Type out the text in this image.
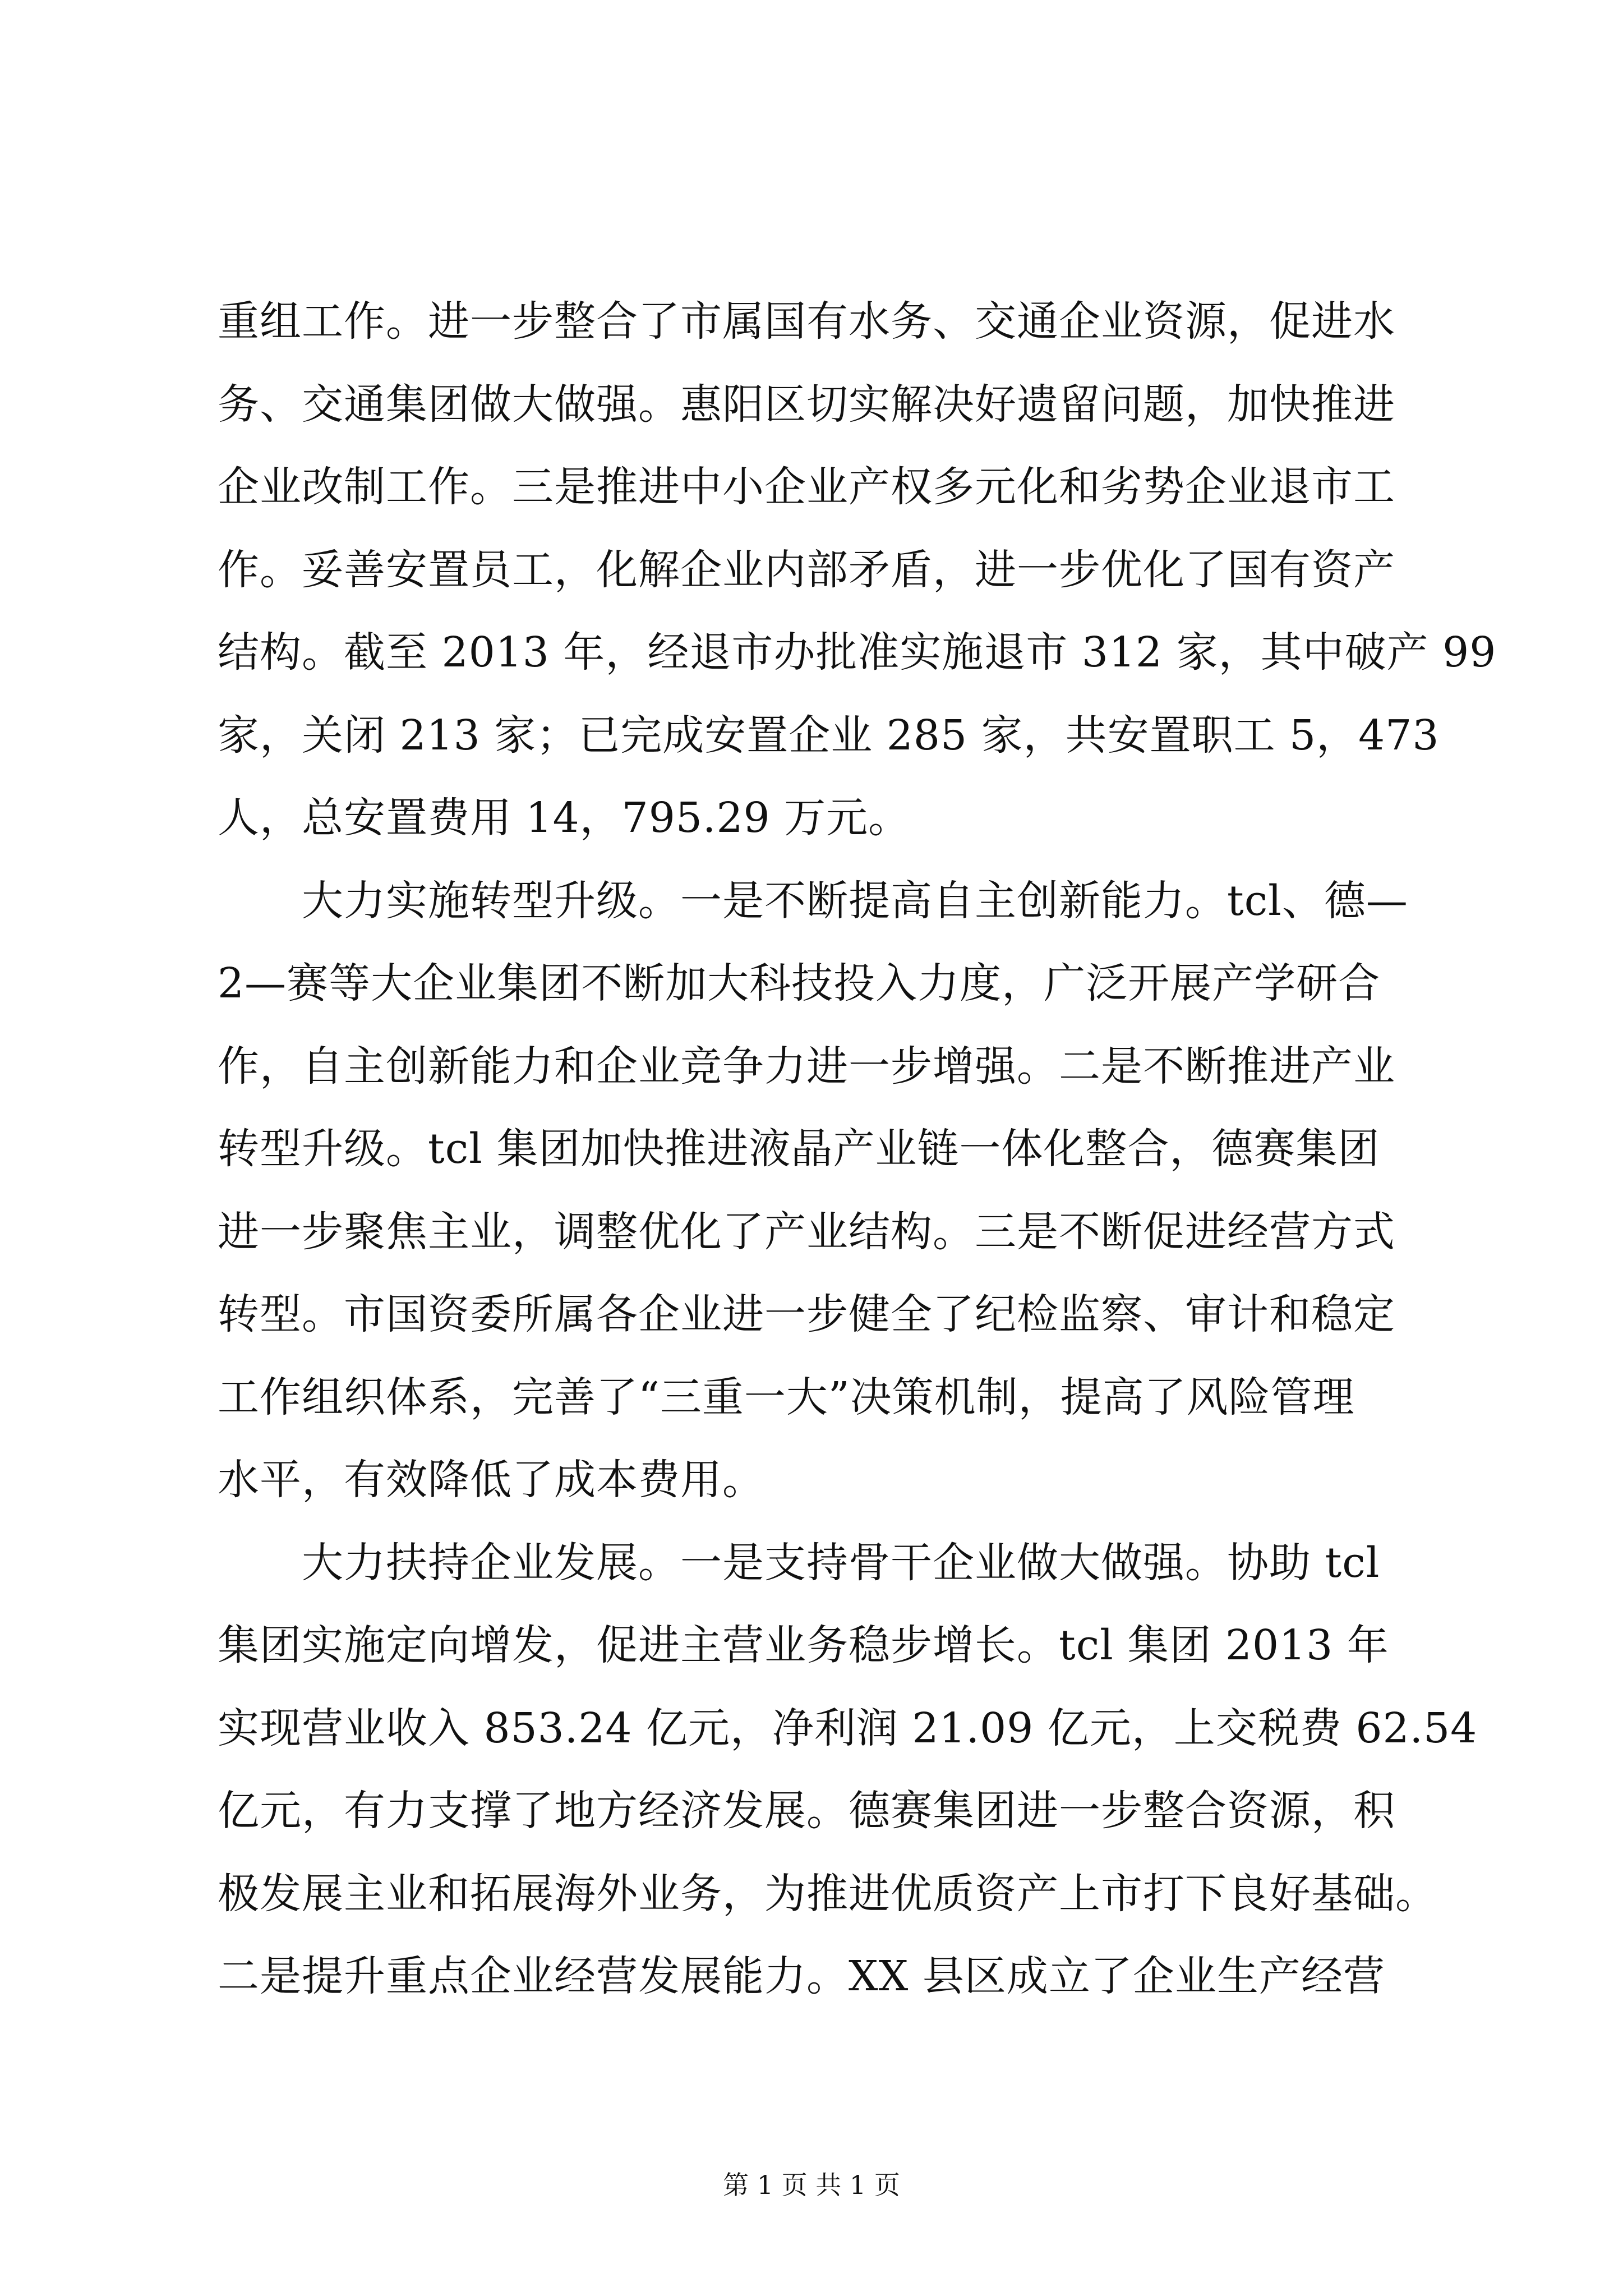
重组工作。进一步整合了市属国有水务、交通企业资源，促进水
务、交通集团做大做强。惠阳区切实解决好遗留问题，加快推进
企业改制工作。三是推进中小企业产权多元化和劣势企业退市工
作。妥善安置员工，化解企业内部矛盾，进一步优化了国有资产
结构。截至 2013 年，经退市办批准实施退市 312 家，其中破产 99
家，关闭 213 家；已完成安置企业 285 家，共安置职工 5，473
人，总安置费用 14，795.29 万元。
大力实施转型升级。一是不断提高自主创新能力。tcl、德—
2—赛等大企业集团不断加大科技投入力度，广泛开展产学研合
作，自主创新能力和企业竞争力进一步增强。二是不断推进产业
转型升级。tcl 集团加快推进液晶产业链一体化整合，德赛集团
进一步聚焦主业，调整优化了产业结构。三是不断促进经营方式
转型。市国资委所属各企业进一步健全了纪检监察、审计和稳定
工作组织体系，完善了“三重一大”决策机制，提高了风险管理
水平，有效降低了成本费用。
大力扶持企业发展。一是支持骨干企业做大做强。协助 tcl
集团实施定向增发，促进主营业务稳步增长。tcl 集团 2013 年
实现营业收入 853.24 亿元，净利润 21.09 亿元，上交税费 62.54
亿元，有力支撑了地方经济发展。德赛集团进一步整合资源，积
极发展主业和拓展海外业务，为推进优质资产上市打下良好基础。
二是提升重点企业经营发展能力。XX 县区成立了企业生产经营
第 1 页 共 1 页
